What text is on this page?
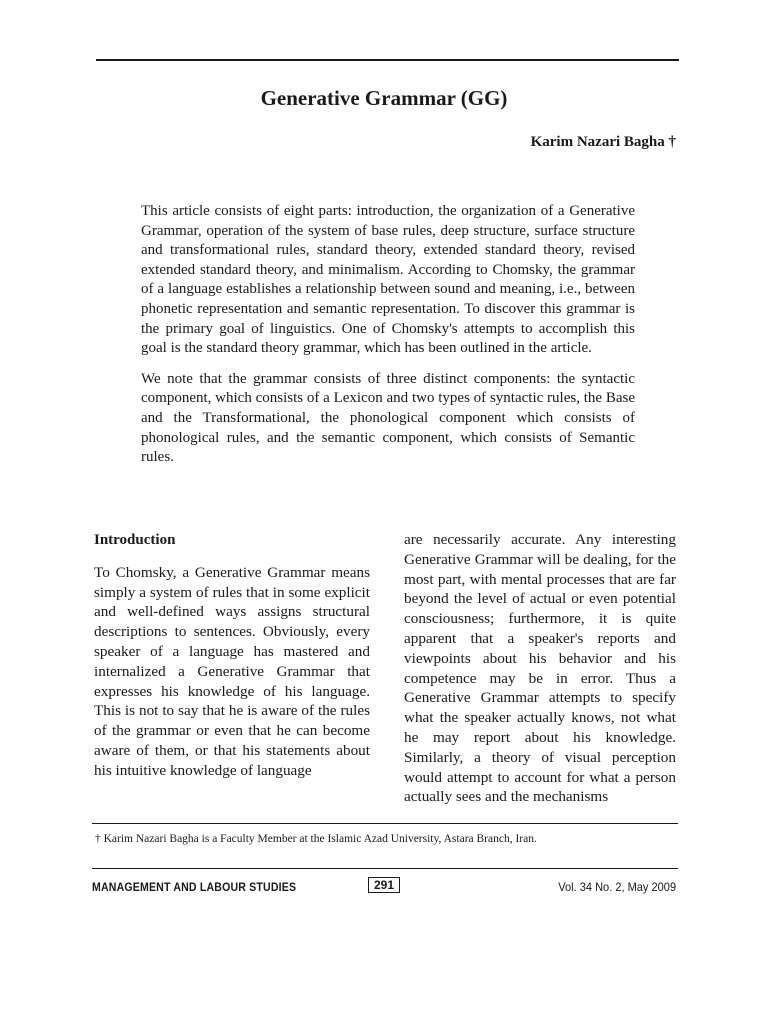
Generative Grammar (GG)
Karim Nazari Bagha †

This article consists of eight parts: introduction, the organization of a Generative Grammar, operation of the system of base rules, deep structure, surface structure and transformational rules, standard theory, extended standard theory, revised extended standard theory, and minimalism. According to Chomsky, the grammar of a language establishes a relationship between sound and meaning, i.e., between phonetic representation and semantic representation. To discover this grammar is the primary goal of linguistics. One of Chomsky's attempts to accomplish this goal is the standard theory grammar, which has been outlined in the article.

We note that the grammar consists of three distinct components: the syntactic component, which consists of a Lexicon and two types of syntactic rules, the Base and the Transformational, the phonological component which consists of phonological rules, and the semantic component, which consists of Semantic rules.

Introduction

To Chomsky, a Generative Grammar means simply a system of rules that in some explicit and well-defined ways assigns structural descriptions to sentences. Obviously, every speaker of a language has mastered and internalized a Generative Grammar that expresses his knowledge of his language. This is not to say that he is aware of the rules of the grammar or even that he can become aware of them, or that his statements about his intuitive knowledge of language

are necessarily accurate. Any interesting Generative Grammar will be dealing, for the most part, with mental processes that are far beyond the level of actual or even potential consciousness; furthermore, it is quite apparent that a speaker's reports and viewpoints about his behavior and his competence may be in error. Thus a Generative Grammar attempts to specify what the speaker actually knows, not what he may report about his knowledge. Similarly, a theory of visual perception would attempt to account for what a person actually sees and the mechanisms

† Karim Nazari Bagha is a Faculty Member at the Islamic Azad University, Astara Branch, Iran.
MANAGEMENT AND LABOUR STUDIES	291	Vol. 34 No. 2, May 2009
